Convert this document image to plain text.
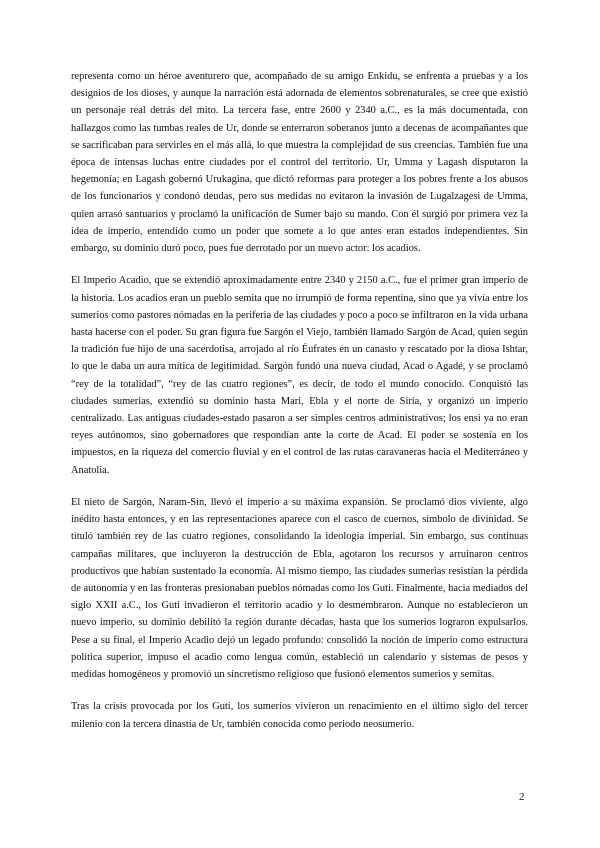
representa como un héroe aventurero que, acompañado de su amigo Enkidu, se enfrenta a pruebas y a los designios de los dioses, y aunque la narración está adornada de elementos sobrenaturales, se cree que existió un personaje real detrás del mito. La tercera fase, entre 2600 y 2340 a.C., es la más documentada, con hallazgos como las tumbas reales de Ur, donde se enterraron soberanos junto a decenas de acompañantes que se sacrificaban para servirles en el más allá, lo que muestra la complejidad de sus creencias. También fue una época de intensas luchas entre ciudades por el control del territorio. Ur, Umma y Lagash disputaron la hegemonía; en Lagash gobernó Urukagina, que dictó reformas para proteger a los pobres frente a los abusos de los funcionarios y condonó deudas, pero sus medidas no evitaron la invasión de Lugalzagesi de Umma, quien arrasó santuarios y proclamó la unificación de Sumer bajo su mando. Con él surgió por primera vez la idea de imperio, entendido como un poder que somete a lo que antes eran estados independientes. Sin embargo, su dominio duró poco, pues fue derrotado por un nuevo actor: los acadios.

El Imperio Acadio, que se extendió aproximadamente entre 2340 y 2150 a.C., fue el primer gran imperio de la historia. Los acadios eran un pueblo semita que no irrumpió de forma repentina, sino que ya vivía entre los sumerios como pastores nómadas en la periferia de las ciudades y poco a poco se infiltraron en la vida urbana hasta hacerse con el poder. Su gran figura fue Sargón el Viejo, también llamado Sargón de Acad, quien según la tradición fue hijo de una sacerdotisa, arrojado al río Éufrates en un canasto y rescatado por la diosa Ishtar, lo que le daba un aura mítica de legitimidad. Sargón fundó una nueva ciudad, Acad o Agadé, y se proclamó “rey de la totalidad”, “rey de las cuatro regiones”, es decir, de todo el mundo conocido. Conquistó las ciudades sumerias, extendió su dominio hasta Mari, Ebla y el norte de Siria, y organizó un imperio centralizado. Las antiguas ciudades-estado pasaron a ser simples centros administrativos; los ensi ya no eran reyes autónomos, sino gobernadores que respondían ante la corte de Acad. El poder se sostenía en los impuestos, en la riqueza del comercio fluvial y en el control de las rutas caravaneras hacia el Mediterráneo y Anatolia.

El nieto de Sargón, Naram-Sin, llevó el imperio a su máxima expansión. Se proclamó dios viviente, algo inédito hasta entonces, y en las representaciones aparece con el casco de cuernos, símbolo de divinidad. Se tituló también rey de las cuatro regiones, consolidando la ideología imperial. Sin embargo, sus continuas campañas militares, que incluyeron la destrucción de Ebla, agotaron los recursos y arruinaron centros productivos que habían sustentado la economía. Al mismo tiempo, las ciudades sumerias resistían la pérdida de autonomía y en las fronteras presionaban pueblos nómadas como los Guti. Finalmente, hacia mediados del siglo XXII a.C., los Guti invadieron el territorio acadio y lo desmembraron. Aunque no establecieron un nuevo imperio, su dominio debilitó la región durante décadas, hasta que los sumerios lograron expulsarlos. Pese a su final, el Imperio Acadio dejó un legado profundo: consolidó la noción de imperio como estructura política superior, impuso el acadio como lengua común, estableció un calendario y sistemas de pesos y medidas homogéneos y promovió un sincretismo religioso que fusionó elementos sumerios y semitas.

Tras la crisis provocada por los Guti, los sumerios vivieron un renacimiento en el último siglo del tercer milenio con la tercera dinastía de Ur, también conocida como periodo neosumerio.

2
